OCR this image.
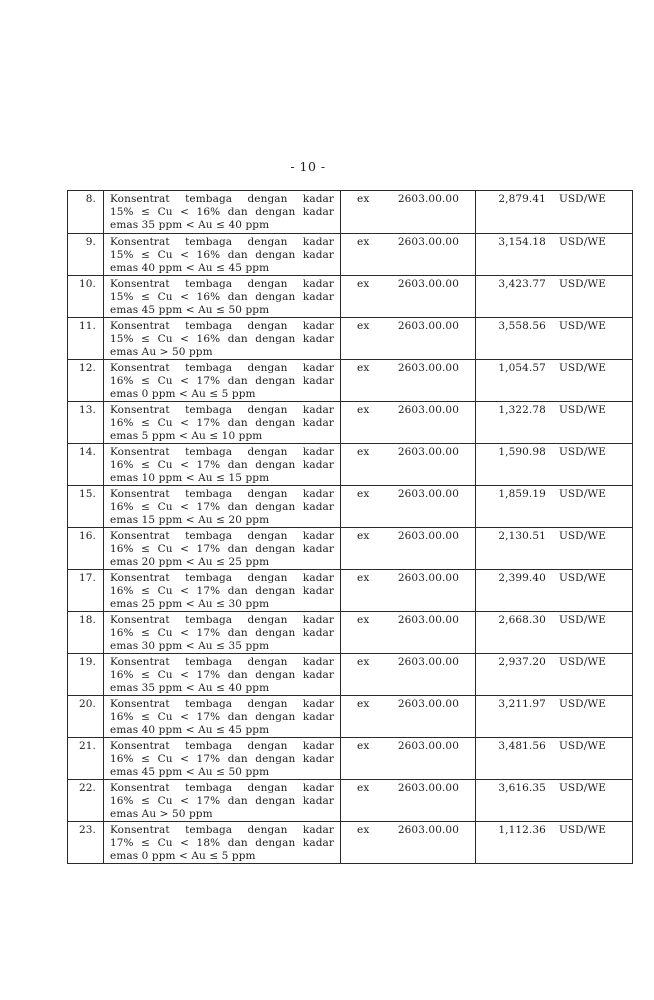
- 10 -
8.	Konsentrat tembaga dengan kadar
15% ≤ Cu < 16% dan dengan kadar
emas 35 ppm < Au ≤ 40 ppm
ex	2603.00.00	2,879.41 USD/WE
9.	Konsentrat tembaga dengan kadar
15% ≤ Cu < 16% dan dengan kadar
emas 40 ppm < Au ≤ 45 ppm
ex	2603.00.00	3,154.18 USD/WE
10.	Konsentrat tembaga dengan kadar
15% ≤ Cu < 16% dan dengan kadar
emas 45 ppm < Au ≤ 50 ppm
ex	2603.00.00	3,423.77 USD/WE
11.	Konsentrat tembaga dengan kadar
15% ≤ Cu < 16% dan dengan kadar
emas Au > 50 ppm
ex	2603.00.00	3,558.56 USD/WE
12.	Konsentrat tembaga dengan kadar
16% ≤ Cu < 17% dan dengan kadar
emas 0 ppm < Au ≤ 5 ppm
ex	2603.00.00	1,054.57 USD/WE
13.	Konsentrat tembaga dengan kadar
16% ≤ Cu < 17% dan dengan kadar
emas 5 ppm < Au ≤ 10 ppm
ex	2603.00.00	1,322.78 USD/WE
14.	Konsentrat tembaga dengan kadar
16% ≤ Cu < 17% dan dengan kadar
emas 10 ppm < Au ≤ 15 ppm
ex	2603.00.00	1,590.98 USD/WE
15.	Konsentrat tembaga dengan kadar
16% ≤ Cu < 17% dan dengan kadar
emas 15 ppm < Au ≤ 20 ppm
ex	2603.00.00	1,859.19 USD/WE
16.	Konsentrat tembaga dengan kadar
16% ≤ Cu < 17% dan dengan kadar
emas 20 ppm < Au ≤ 25 ppm
ex	2603.00.00	2,130.51 USD/WE
17.	Konsentrat tembaga dengan kadar
16% ≤ Cu < 17% dan dengan kadar
emas 25 ppm < Au ≤ 30 ppm
ex	2603.00.00	2,399.40 USD/WE
18.	Konsentrat tembaga dengan kadar
16% ≤ Cu < 17% dan dengan kadar
emas 30 ppm < Au ≤ 35 ppm
ex	2603.00.00	2,668.30 USD/WE
19.	Konsentrat tembaga dengan kadar
16% ≤ Cu < 17% dan dengan kadar
emas 35 ppm < Au ≤ 40 ppm
ex	2603.00.00	2,937.20 USD/WE
20.	Konsentrat tembaga dengan kadar
16% ≤ Cu < 17% dan dengan kadar
emas 40 ppm < Au ≤ 45 ppm
ex	2603.00.00	3,211.97 USD/WE
21.	Konsentrat tembaga dengan kadar
16% ≤ Cu < 17% dan dengan kadar
emas 45 ppm < Au ≤ 50 ppm
ex	2603.00.00	3,481.56 USD/WE
22.	Konsentrat tembaga dengan kadar
16% ≤ Cu < 17% dan dengan kadar
emas Au > 50 ppm
ex	2603.00.00	3,616.35 USD/WE
23.	Konsentrat tembaga dengan kadar
17% ≤ Cu < 18% dan dengan kadar
emas 0 ppm < Au ≤ 5 ppm
ex	2603.00.00	1,112.36 USD/WE
